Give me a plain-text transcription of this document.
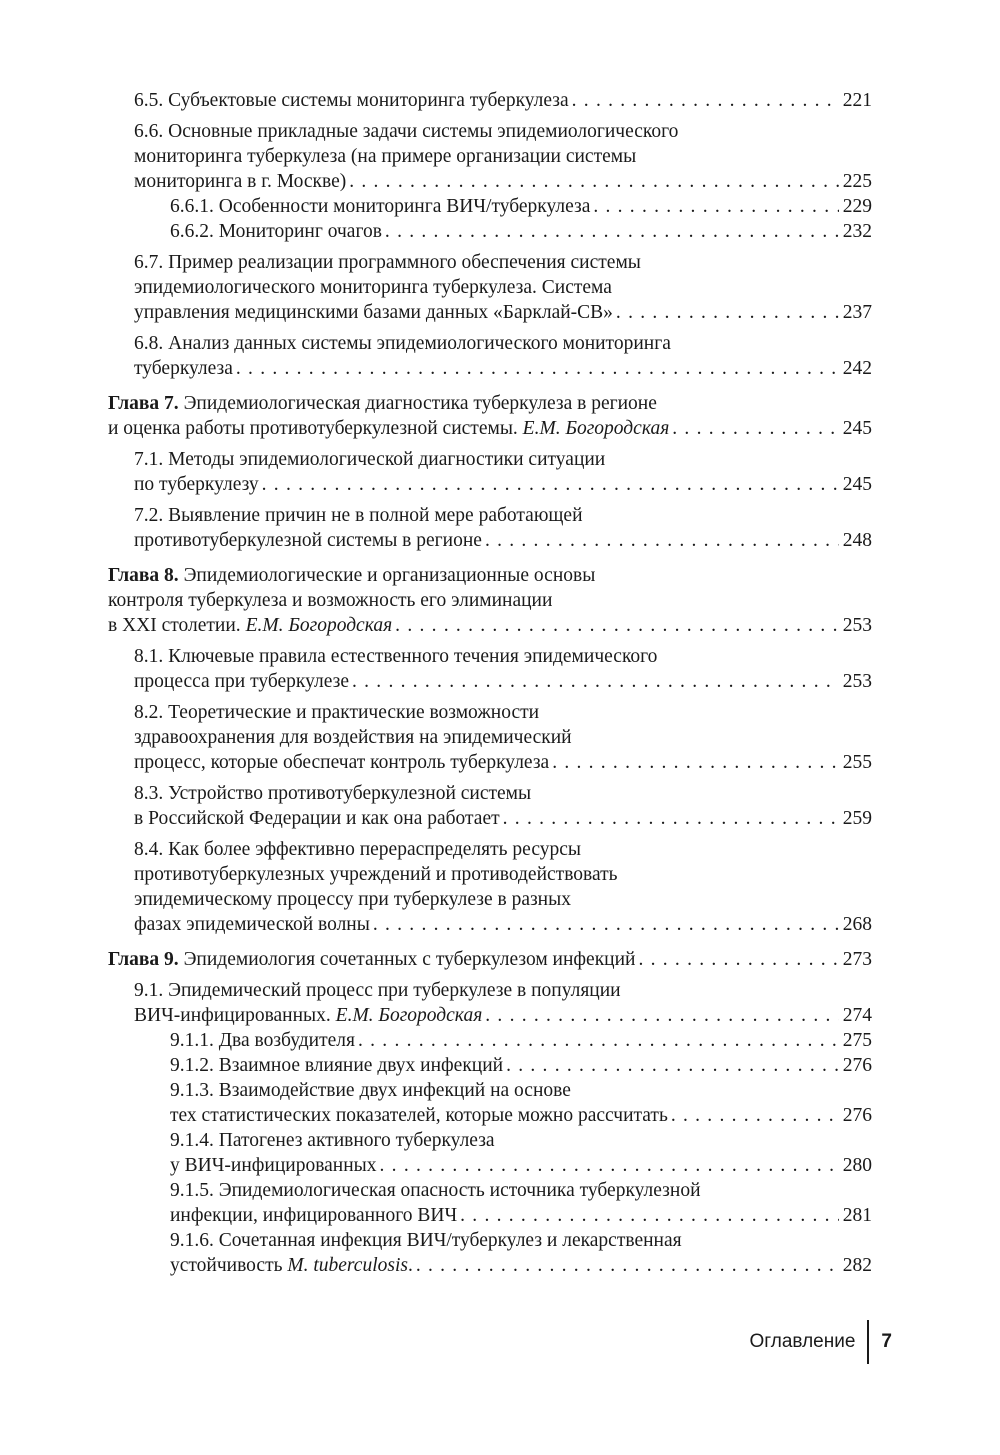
6.5. Субъектовые системы мониторинга туберкулеза . . .	221
6.6. Основные прикладные задачи системы эпидемиологического
мониторинга туберкулеза (на примере организации системы
мониторинга в г. Москве) . . .	225
6.6.1. Особенности мониторинга ВИЧ/туберкулеза . . .	229
6.6.2. Мониторинг очагов . . .	232
6.7. Пример реализации программного обеспечения системы
эпидемиологического мониторинга туберкулеза. Система
управления медицинскими базами данных «Барклай-СВ» . . .	237
6.8. Анализ данных системы эпидемиологического мониторинга
туберкулеза . . .	242
Глава 7. Эпидемиологическая диагностика туберкулеза в регионе
и оценка работы противотуберкулезной системы. Е.М. Богородская . . .	245
7.1. Методы эпидемиологической диагностики ситуации
по туберкулезу . . .	245
7.2. Выявление причин не в полной мере работающей
противотуберкулезной системы в регионе . . .	248
Глава 8. Эпидемиологические и организационные основы
контроля туберкулеза и возможность его элиминации
в XXI столетии. Е.М. Богородская . . .	253
8.1. Ключевые правила естественного течения эпидемического
процесса при туберкулезе . . .	253
8.2. Теоретические и практические возможности
здравоохранения для воздействия на эпидемический
процесс, которые обеспечат контроль туберкулеза . . .	255
8.3. Устройство противотуберкулезной системы
в Российской Федерации и как она работает . . .	259
8.4. Как более эффективно перераспределять ресурсы
противотуберкулезных учреждений и противодействовать
эпидемическому процессу при туберкулезе в разных
фазах эпидемической волны . . .	268
Глава 9. Эпидемиология сочетанных с туберкулезом инфекций . . .	273
9.1. Эпидемический процесс при туберкулезе в популяции
ВИЧ-инфицированных. Е.М. Богородская . . .	274
9.1.1. Два возбудителя . . .	275
9.1.2. Взаимное влияние двух инфекций . . .	276
9.1.3. Взаимодействие двух инфекций на основе
тех статистических показателей, которые можно рассчитать . . .	276
9.1.4. Патогенез активного туберкулеза
у ВИЧ-инфицированных . . .	280
9.1.5. Эпидемиологическая опасность источника туберкулезной
инфекции, инфицированного ВИЧ . . .	281
9.1.6. Сочетанная инфекция ВИЧ/туберкулез и лекарственная
устойчивость M. tuberculosis. . . .	282
Оглавление	7
